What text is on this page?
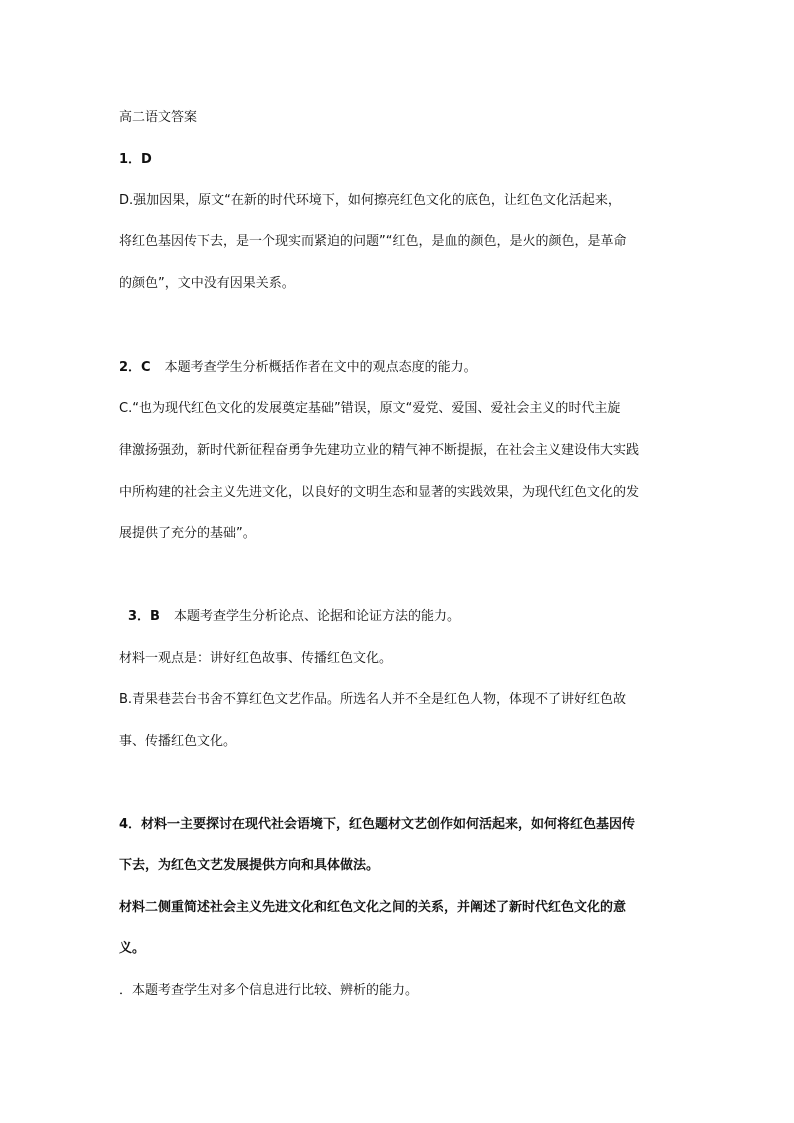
高二语文答案
1．D
D.强加因果，原文“在新的时代环境下，如何擦亮红色文化的底色，让红色文化活起来，
将红色基因传下去，是一个现实而紧迫的问题”“红色，是血的颜色，是火的颜色，是革命
的颜色”，文中没有因果关系。
2．C 本题考查学生分析概括作者在文中的观点态度的能力。
C.“也为现代红色文化的发展奠定基础”错误，原文“爱党、爱国、爱社会主义的时代主旋
律激扬强劲，新时代新征程奋勇争先建功立业的精气神不断提振，在社会主义建设伟大实践
中所构建的社会主义先进文化，以良好的文明生态和显著的实践效果，为现代红色文化的发
展提供了充分的基础”。
3．B 本题考查学生分析论点、论据和论证方法的能力。
材料一观点是：讲好红色故事、传播红色文化。
B.青果巷芸台书舍不算红色文艺作品。所选名人并不全是红色人物，体现不了讲好红色故
事、传播红色文化。
4．材料一主要探讨在现代社会语境下，红色题材文艺创作如何活起来，如何将红色基因传
下去，为红色文艺发展提供方向和具体做法。
材料二侧重简述社会主义先进文化和红色文化之间的关系，并阐述了新时代红色文化的意
义。
．本题考查学生对多个信息进行比较、辨析的能力。
